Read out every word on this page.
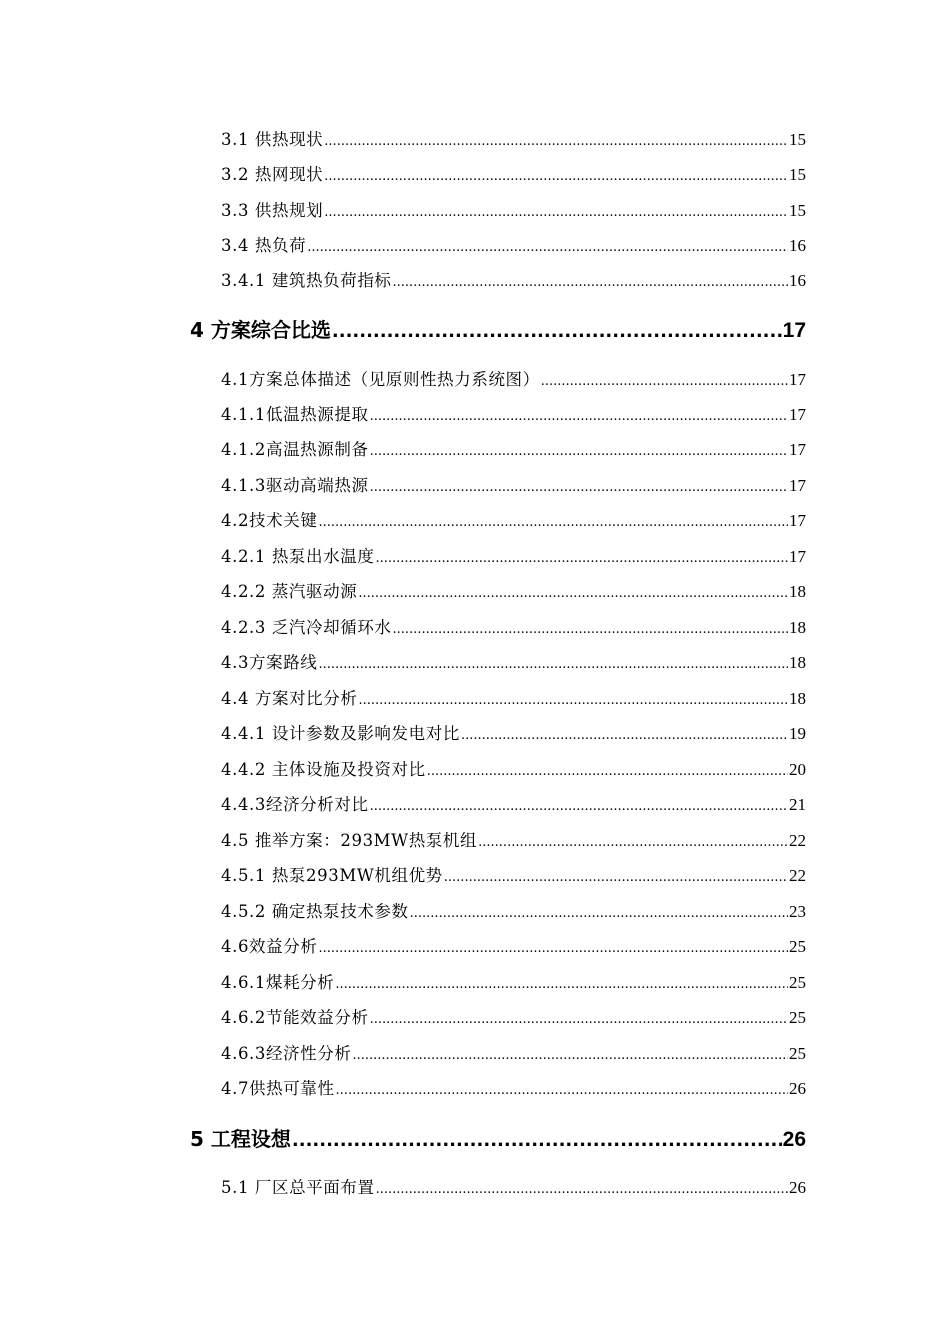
3.1 供热现状 .....	15
3.2 热网现状 .....	15
3.3 供热规划 .....	15
3.4 热负荷 .....	16
3.4.1 建筑热负荷指标 .....	16
4 方案综合比选 .....	17
4.1方案总体描述（见原则性热力系统图） .....	17
4.1.1低温热源提取 .....	17
4.1.2高温热源制备 .....	17
4.1.3驱动高端热源 .....	17
4.2技术关键 .....	17
4.2.1 热泵出水温度 .....	17
4.2.2 蒸汽驱动源 .....	18
4.2.3 乏汽冷却循环水 .....	18
4.3方案路线 .....	18
4.4 方案对比分析 .....	18
4.4.1 设计参数及影响发电对比 .....	19
4.4.2 主体设施及投资对比 .....	20
4.4.3经济分析对比 .....	21
4.5 推举方案：293MW热泵机组 .....	22
4.5.1 热泵293MW机组优势 .....	22
4.5.2 确定热泵技术参数 .....	23
4.6效益分析 .....	25
4.6.1煤耗分析 .....	25
4.6.2节能效益分析 .....	25
4.6.3经济性分析 .....	25
4.7供热可靠性 .....	26
5 工程设想 .....	26
5.1 厂区总平面布置 .....	26
